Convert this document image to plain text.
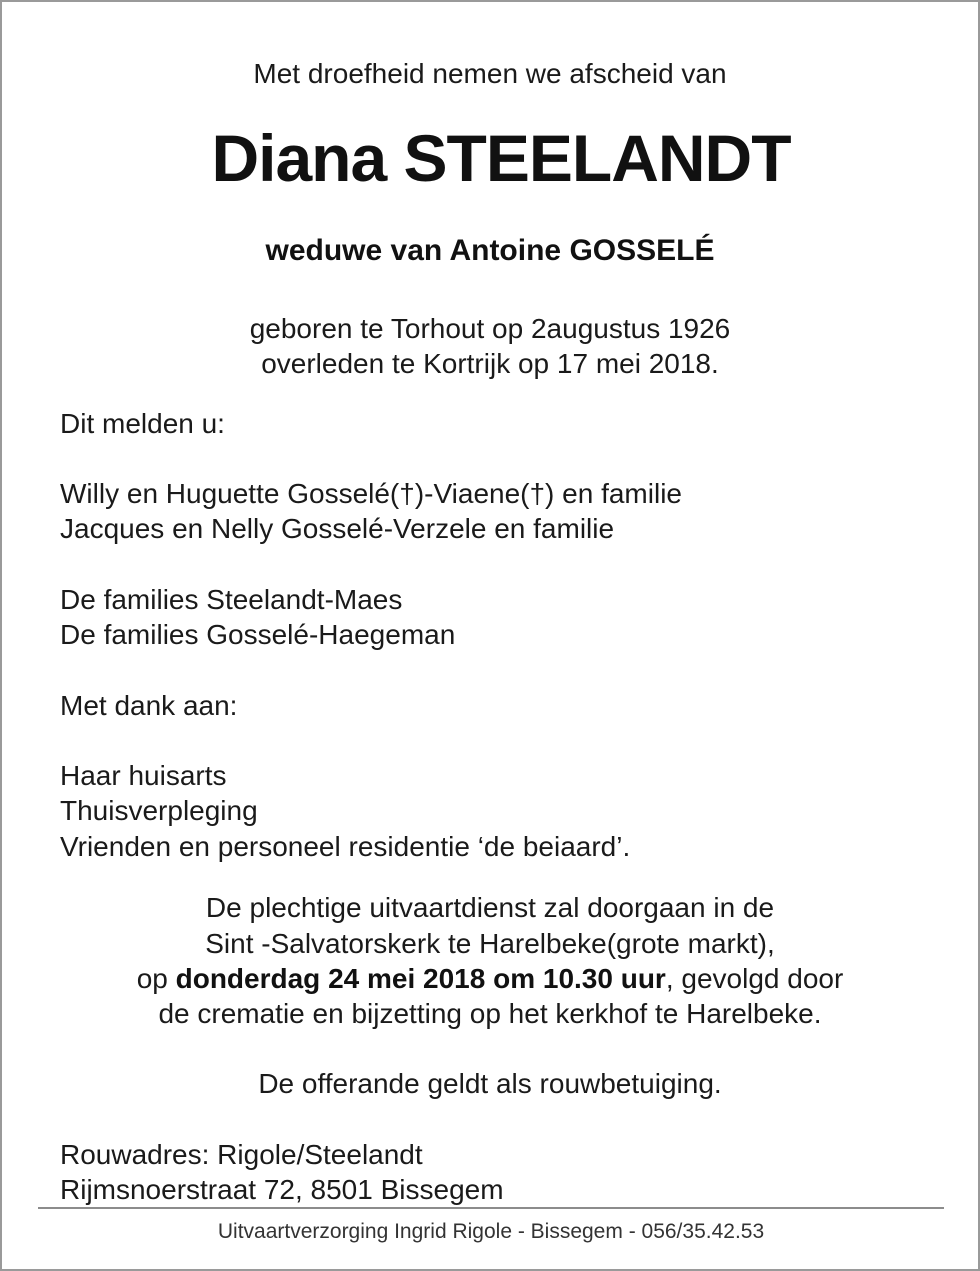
Met droefheid nemen we afscheid van
Diana STEELANDT
weduwe van Antoine GOSSELÉ
geboren te Torhout op 2augustus 1926
overleden te Kortrijk op 17 mei 2018.
Dit melden u:
Willy en Huguette Gosselé(†)-Viaene(†) en familie
Jacques en Nelly Gosselé-Verzele en familie
De families Steelandt-Maes
De families Gosselé-Haegeman
Met dank aan:
Haar huisarts
Thuisverpleging
Vrienden en personeel residentie ‘de beiaard’.
De plechtige uitvaartdienst zal doorgaan in de
Sint -Salvatorskerk te Harelbeke(grote markt),
op donderdag 24 mei 2018 om 10.30 uur, gevolgd door
de crematie en bijzetting op het kerkhof te Harelbeke.
De offerande geldt als rouwbetuiging.
Rouwadres: Rigole/Steelandt
Rijmsnoerstraat 72, 8501 Bissegem
Uitvaartverzorging Ingrid Rigole - Bissegem - 056/35.42.53
